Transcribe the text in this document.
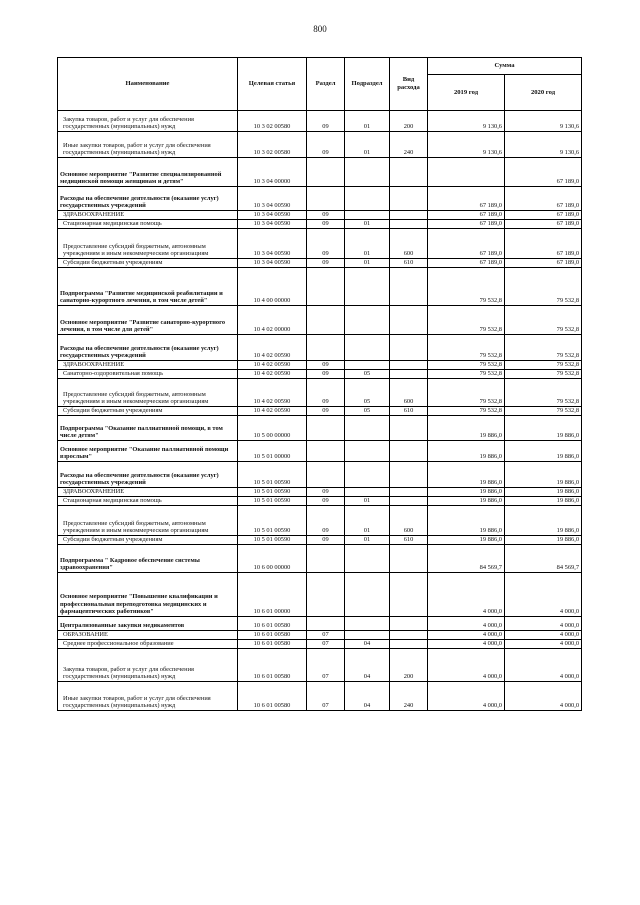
800
Наименование	Целевая статья	Раздел	Подраздел	Вид расхода	Сумма	
					2019 год	2020 год
Закупка товаров, работ и услуг для обеспечения государственных (муниципальных) нужд	10 3 02 00580	09	01	200	9 130,6	9 130,6
Иные закупки товаров, работ и услуг для обеспечения государственных (муниципальных) нужд	10 3 02 00580	09	01	240	9 130,6	9 130,6
Основное мероприятие "Развитие специализированной медицинской помощи женщинам и детям"	10 3 04 00000					67 189,0
Расходы на обеспечение деятельности (оказание услуг) государственных учреждений	10 3 04 00590				67 189,0	67 189,0
ЗДРАВООХРАНЕНИЕ	10 3 04 00590	09			67 189,0	67 189,0
Стационарная медицинская помощь	10 3 04 00590	09	01		67 189,0	67 189,0
Предоставление субсидий бюджетным, автономным учреждениям и иным некоммерческим организациям	10 3 04 00590	09	01	600	67 189,0	67 189,0
Субсидии бюджетным учреждениям	10 3 04 00590	09	01	610	67 189,0	67 189,0
Подпрограмма "Развитие медицинской реабилитации и санаторно-курортного лечения, в том числе детей"	10 4 00 00000				79 532,8	79 532,8
Основное мероприятие "Развитие санаторно-курортного лечения, в том числе для детей"	10 4 02 00000				79 532,8	79 532,8
Расходы на обеспечение деятельности (оказание услуг) государственных учреждений	10 4 02 00590				79 532,8	79 532,8
ЗДРАВООХРАНЕНИЕ	10 4 02 00590	09			79 532,8	79 532,8
Санаторно-оздоровительная помощь	10 4 02 00590	09	05		79 532,8	79 532,8
Предоставление субсидий бюджетным, автономным учреждениям и иным некоммерческим организациям	10 4 02 00590	09	05	600	79 532,8	79 532,8
Субсидии бюджетным учреждениям	10 4 02 00590	09	05	610	79 532,8	79 532,8
Подпрограмма "Оказание паллиативной помощи, в том числе детям"	10 5 00 00000				19 886,0	19 886,0
Основное мероприятие "Оказание паллиативной помощи взрослым"	10 5 01 00000				19 886,0	19 886,0
Расходы на обеспечение деятельности (оказание услуг) государственных учреждений	10 5 01 00590				19 886,0	19 886,0
ЗДРАВООХРАНЕНИЕ	10 5 01 00590	09			19 886,0	19 886,0
Стационарная медицинская помощь	10 5 01 00590	09	01		19 886,0	19 886,0
Предоставление субсидий бюджетным, автономным учреждениям и иным некоммерческим организациям	10 5 01 00590	09	01	600	19 886,0	19 886,0
Субсидии бюджетным учреждениям	10 5 01 00590	09	01	610	19 886,0	19 886,0
Подпрограмма " Кадровое обеспечение системы здравоохранения"	10 6 00 00000				84 569,7	84 569,7
Основное мероприятие "Повышение квалификации и профессиональная переподготовка медицинских и фармацевтических работников"	10 6 01 00000				4 000,0	4 000,0
Централизованные закупки медикаментов	10 6 01 00580				4 000,0	4 000,0
ОБРАЗОВАНИЕ	10 6 01 00580	07			4 000,0	4 000,0
Среднее профессиональное образование	10 6 01 00580	07	04		4 000,0	4 000,0
Закупка товаров, работ и услуг для обеспечения государственных (муниципальных) нужд	10 6 01 00580	07	04	200	4 000,0	4 000,0
Иные закупки товаров, работ и услуг для обеспечения государственных (муниципальных) нужд	10 6 01 00580	07	04	240	4 000,0	4 000,0
